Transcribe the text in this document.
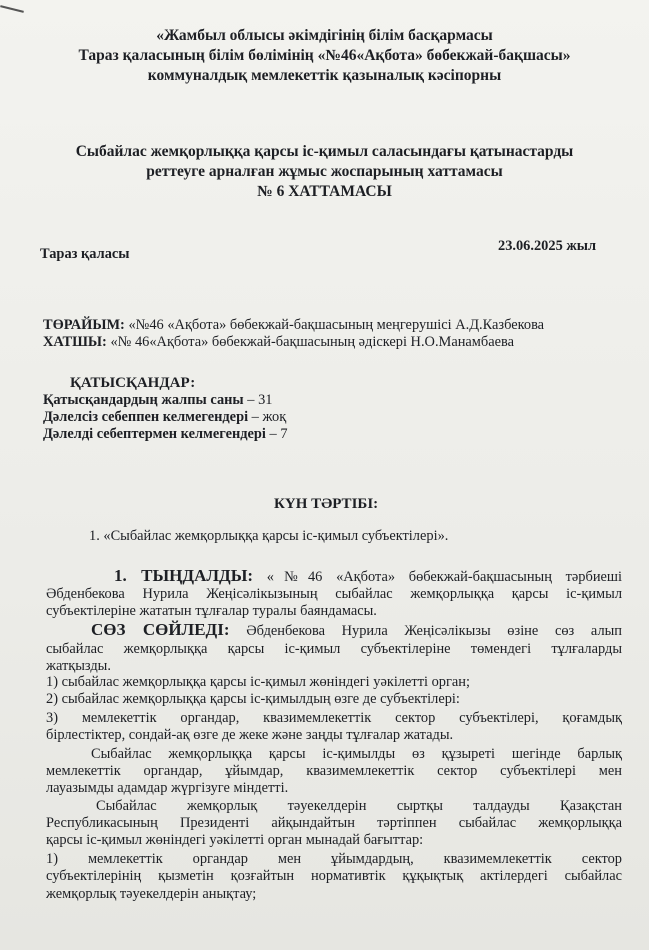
«Жамбыл облысы әкімдігінің білім басқармасы
Тараз қаласының білім бөлімінің «№46«Ақбота» бөбекжай-бақшасы»
коммуналдық мемлекеттік қазыналық кәсіпорны
Сыбайлас жемқорлыққа қарсы іс-қимыл саласындағы қатынастарды
реттеуге арналған жұмыс жоспарының хаттамасы
№ 6 ХАТТАМАСЫ
Тараз қаласы	23.06.2025 жыл
ТӨРАЙЫМ: «№46 «Ақбота» бөбекжай-бақшасының меңгерушісі А.Д.Казбекова
ХАТШЫ: «№ 46«Ақбота» бөбекжай-бақшасының әдіскері Н.О.Манамбаева
ҚАТЫСҚАНДАР:
Қатысқандардың жалпы саны – 31
Дәлелсіз себеппен келмегендері – жоқ
Дәлелді себептермен келмегендері – 7
КҮН ТӘРТІБІ:
1. «Сыбайлас жемқорлыққа қарсы іс-қимыл субъектілері».
1. ТЫҢДАЛДЫ: «№46 «Ақбота» бөбекжай-бақшасының тәрбиеші
Әбденбекова Нурила Жеңісәлікызының сыбайлас жемқорлыққа қарсы іс-қимыл
субъектілеріне жататын тұлғалар туралы баяндамасы.
СӨЗ СӨЙЛЕДІ: Әбденбекова Нурила Жеңісәлікызы өзіне сөз алып
сыбайлас жемқорлыққа қарсы іс-қимыл субъектілеріне төмендегі тұлғаларды
жатқызды.
1) сыбайлас жемқорлыққа қарсы іс-қимыл жөніндегі уәкілетті орган;
2) сыбайлас жемқорлыққа қарсы іс-қимылдың өзге де субъектілері:
3) мемлекеттік органдар, квазимемлекеттік сектор субъектілері, қоғамдық
бірлестіктер, сондай-ақ өзге де жеке және заңды тұлғалар жатады.
Сыбайлас жемқорлыққа қарсы іс-қимылды өз құзыреті шегінде барлық
мемлекеттік органдар, ұйымдар, квазимемлекеттік сектор субъектілері мен
лауазымды адамдар жүргізуге міндетті.
Сыбайлас жемқорлық тәуекелдерін сыртқы талдауды Қазақстан
Республикасының Президенті айқындайтын тәртіппен сыбайлас жемқорлыққа
қарсы іс-қимыл жөніндегі уәкілетті орган мынадай бағыттар:
1) мемлекеттік органдар мен ұйымдардың, квазимемлекеттік сектор
субъектілерінің қызметін қозғайтын нормативтік құқықтық актілердегі сыбайлас
жемқорлық тәуекелдерін анықтау;
